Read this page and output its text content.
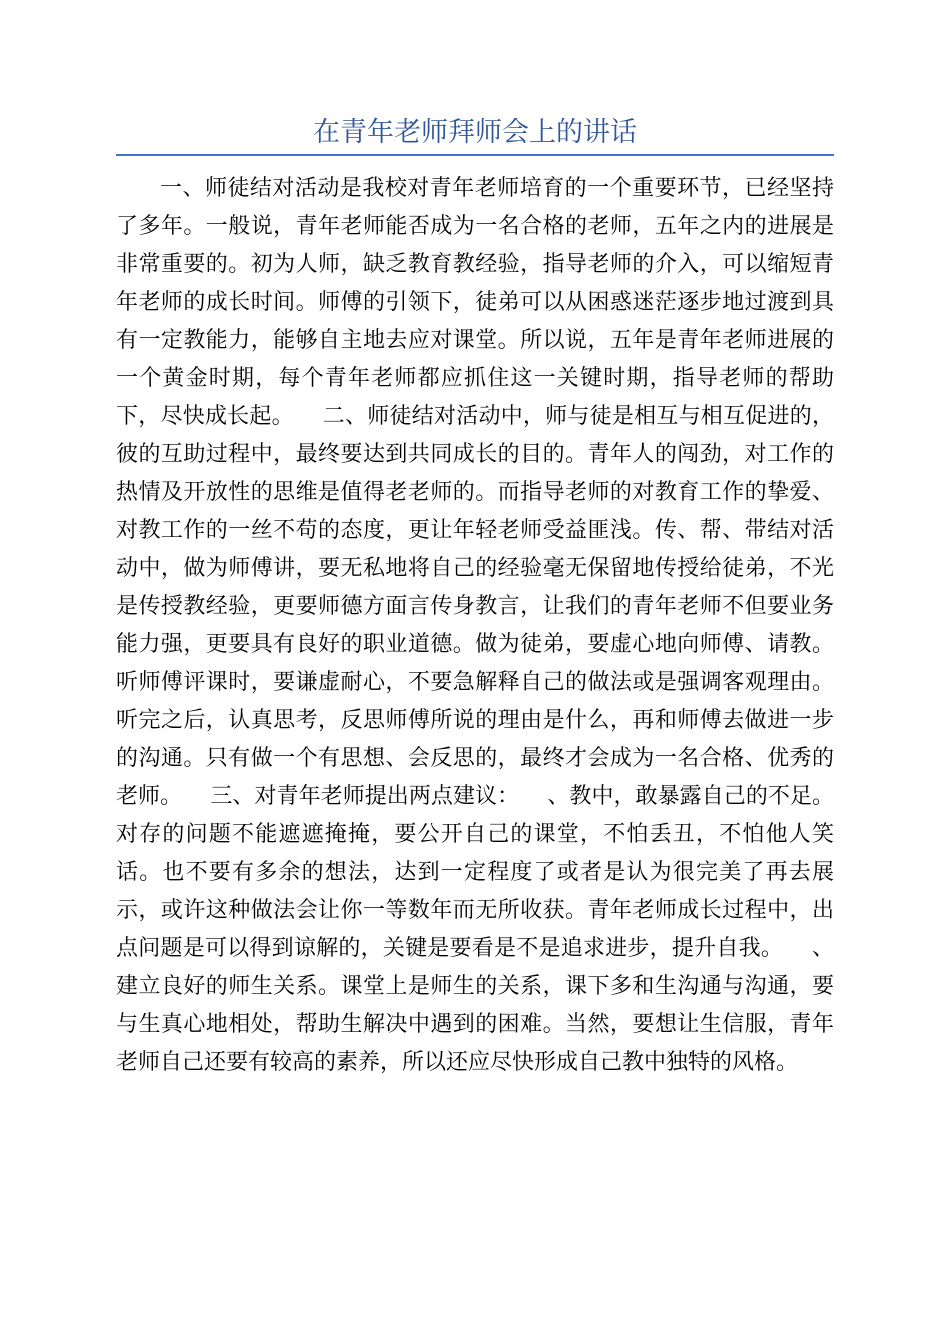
在青年老师拜师会上的讲话

一、师徒结对活动是我校对青年老师培育的一个重要环节，已经坚持了多年。一般说，青年老师能否成为一名合格的老师，五年之内的进展是非常重要的。初为人师，缺乏教育教经验，指导老师的介入，可以缩短青年老师的成长时间。师傅的引领下，徒弟可以从困惑迷茫逐步地过渡到具有一定教能力，能够自主地去应对课堂。所以说，五年是青年老师进展的一个黄金时期，每个青年老师都应抓住这一关键时期，指导老师的帮助下，尽快成长起。    二、师徒结对活动中，师与徒是相互与相互促进的，彼的互助过程中，最终要达到共同成长的目的。青年人的闯劲，对工作的热情及开放性的思维是值得老老师的。而指导老师的对教育工作的挚爱、对教工作的一丝不苟的态度，更让年轻老师受益匪浅。传、帮、带结对活动中，做为师傅讲，要无私地将自己的经验毫无保留地传授给徒弟，不光是传授教经验，更要师德方面言传身教言，让我们的青年老师不但要业务能力强，更要具有良好的职业道德。做为徒弟，要虚心地向师傅、请教。听师傅评课时，要谦虚耐心，不要急解释自己的做法或是强调客观理由。听完之后，认真思考，反思师傅所说的理由是什么，再和师傅去做进一步的沟通。只有做一个有思想、会反思的，最终才会成为一名合格、优秀的老师。    三、对青年老师提出两点建议：    、教中，敢暴露自己的不足。对存的问题不能遮遮掩掩，要公开自己的课堂，不怕丢丑，不怕他人笑话。也不要有多余的想法，达到一定程度了或者是认为很完美了再去展示，或许这种做法会让你一等数年而无所收获。青年老师成长过程中，出点问题是可以得到谅解的，关键是要看是不是追求进步，提升自我。    、建立良好的师生关系。课堂上是师生的关系，课下多和生沟通与沟通，要与生真心地相处，帮助生解决中遇到的困难。当然，要想让生信服，青年老师自己还要有较高的素养，所以还应尽快形成自己教中独特的风格。
